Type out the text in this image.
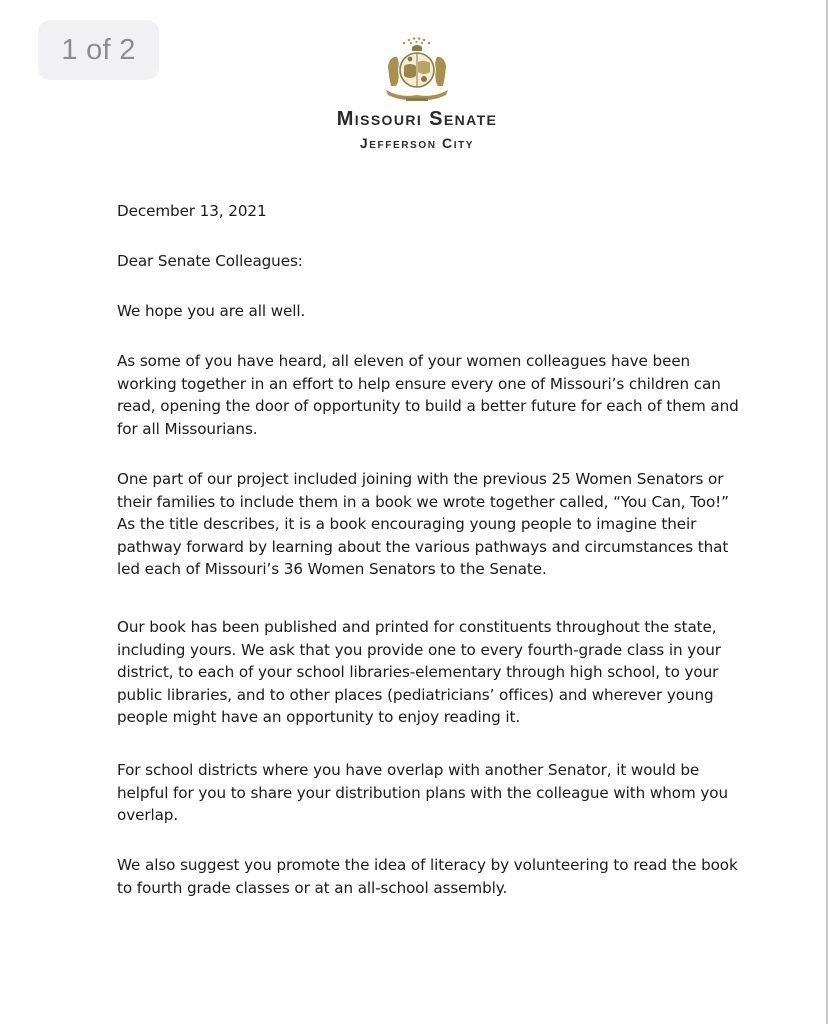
1 of 2
Missouri Senate
Jefferson City

December 13, 2021

Dear Senate Colleagues:

We hope you are all well.

As some of you have heard, all eleven of your women colleagues have been working together in an effort to help ensure every one of Missouri’s children can read, opening the door of opportunity to build a better future for each of them and for all Missourians.

One part of our project included joining with the previous 25 Women Senators or their families to include them in a book we wrote together called, “You Can, Too!” As the title describes, it is a book encouraging young people to imagine their pathway forward by learning about the various pathways and circumstances that led each of Missouri’s 36 Women Senators to the Senate.

Our book has been published and printed for constituents throughout the state, including yours. We ask that you provide one to every fourth-grade class in your district, to each of your school libraries-elementary through high school, to your public libraries, and to other places (pediatricians’ offices) and wherever young people might have an opportunity to enjoy reading it.

For school districts where you have overlap with another Senator, it would be helpful for you to share your distribution plans with the colleague with whom you overlap.

We also suggest you promote the idea of literacy by volunteering to read the book to fourth grade classes or at an all-school assembly.
